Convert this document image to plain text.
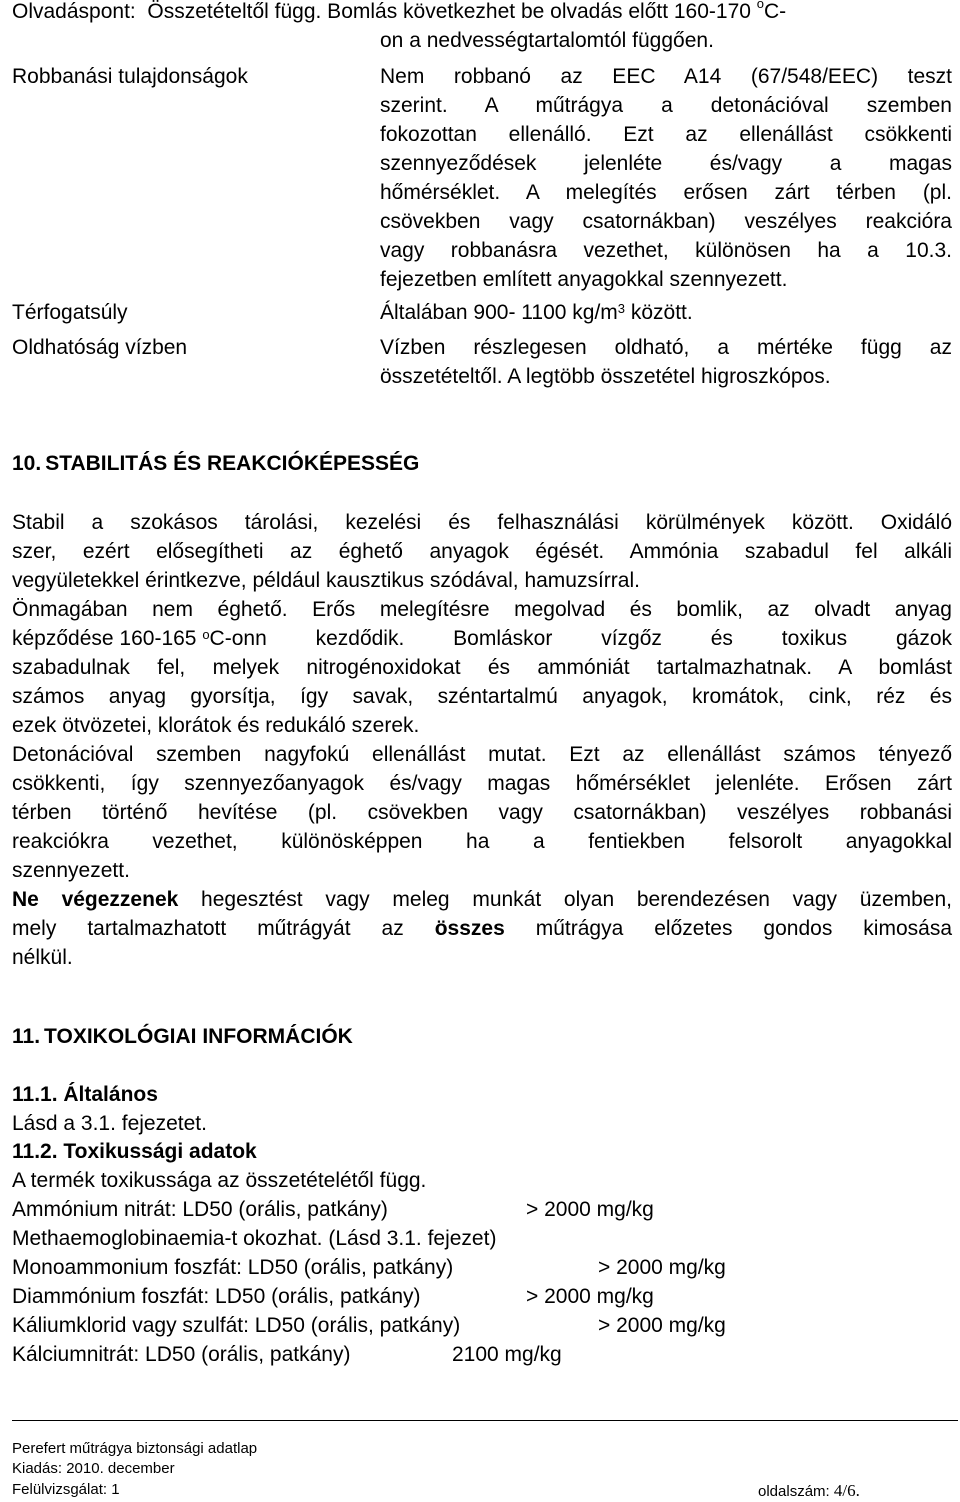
Olvadáspont: Összetételtől függ. Bomlás következhet be olvadás előtt 160-170 $^o$C-
on a nedvességtartalomtól függően.
Robbanási tulajdonságok	Nem robbanó az EEC A14 (67/548/EEC) teszt
szerint. A műtrágya a detonációval szemben
fokozottan ellenálló. Ezt az ellenállást csökkenti
szennyeződések jelenléte és/vagy a magas
hőmérséklet. A melegítés erősen zárt térben (pl.
csövekben vagy csatornákban) veszélyes reakcióra
vagy robbanásra vezethet, különösen ha a 10.3.
fejezetben említett anyagokkal szennyezett.
Térfogatsúly	Általában 900- 1100 $kg/m^3$ között.
Oldhatóság vízben	Vízben részlegesen oldható, a mértéke függ az
összetételtől. A legtöbb összetétel higroszkópos.
10. STABILITÁS ÉS REAKCIÓKÉPESSÉG
Stabil a szokásos tárolási, kezelési és felhasználási körülmények között. Oxidáló
szer, ezért elősegítheti az éghető anyagok égését. Ammónia szabadul fel alkáli
vegyületekkel érintkezve, például kausztikus szódával, hamuzsírral.
Önmagában nem éghető. Erős melegítésre megolvad és bomlik, az olvadt anyag
képződése 160-165 $^o$ C-onn kezdődik. Bomláskor vízgőz és toxikus gázok
szabadulnak fel, melyek nitrogénoxidokat és ammóniát tartalmazhatnak. A bomlást
számos anyag gyorsítja, így savak, széntartalmú anyagok, kromátok, cink, réz és
ezek ötvözetei, klorátok és redukáló szerek.
Detonációval szemben nagyfokú ellenállást mutat. Ezt az ellenállást számos tényező
csökkenti, így szennyezőanyagok és/vagy magas hőmérséklet jelenléte. Erősen zárt
térben történő hevítése (pl. csövekben vagy csatornákban) veszélyes robbanási
reakciókra vezethet, különösképpen ha a fentiekben felsorolt anyagokkal
szennyezett.
Ne végezzenek hegesztést vagy meleg munkát olyan berendezésen vagy üzemben,
mely tartalmazhatott műtrágyát az összes műtrágya előzetes gondos kimosása
nélkül.
11. TOXIKOLÓGIAI INFORMÁCIÓK
11.1. Általános
Lásd a 3.1. fejezetet.
11.2. Toxikussági adatok
A termék toxikussága az összetételétől függ.
Ammónium nitrát: LD50 (orális, patkány)	> 2000 mg/kg
Methaemoglobinaemia-t okozhat. (Lásd 3.1. fejezet)
Monoammonium foszfát: LD50 (orális, patkány)	> 2000 mg/kg
Diammónium foszfát: LD50 (orális, patkány)	> 2000 mg/kg
Káliumklorid vagy szulfát: LD50 (orális, patkány)	> 2000 mg/kg
Kálciumnitrát: LD50 (orális, patkány)	2100 mg/kg
Perefert műtrágya biztonsági adatlap
Kiadás: 2010. december
Felülvizsgálat: 1	oldalszám: 4/6.
